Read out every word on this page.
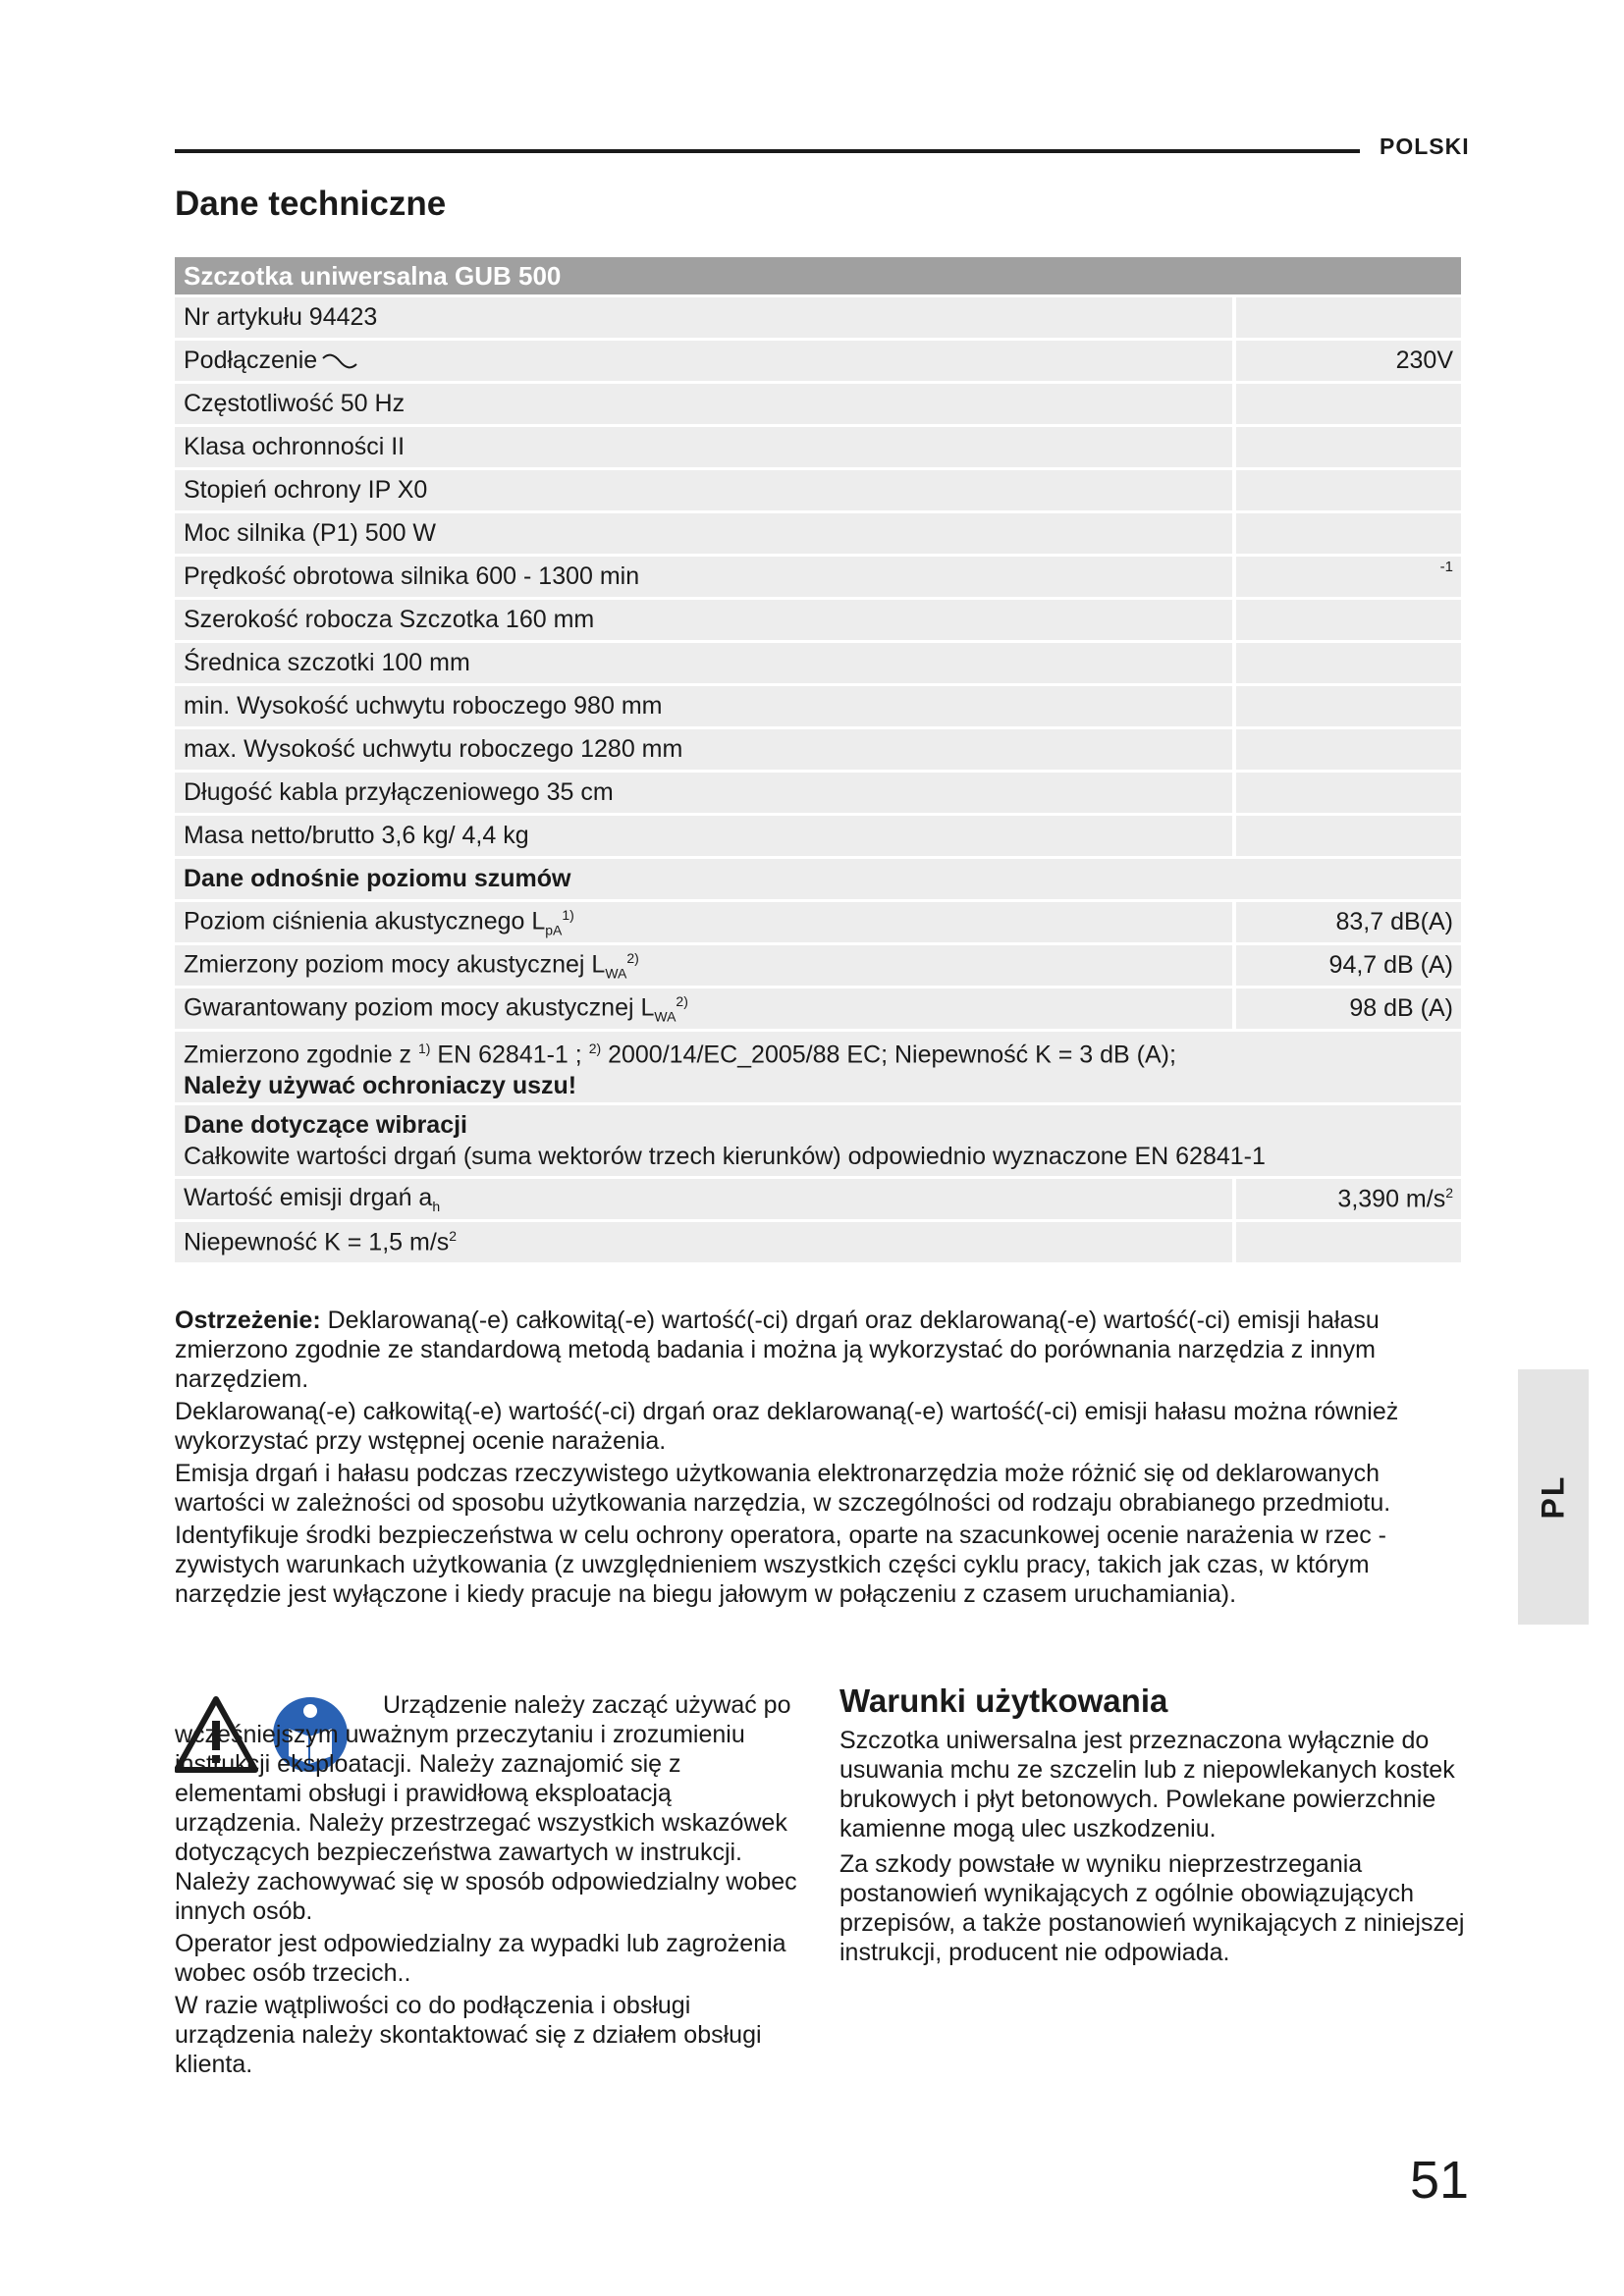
POLSKI
Dane techniczne
Szczotka uniwersalna GUB 500	
Nr artykułu 94423	
Podłączenie	230V
Częstotliwość 50 Hz	
Klasa ochronności II	
Stopień ochrony IP X0	
Moc silnika (P1) 500 W	
Prędkość obrotowa silnika 600 - 1300 min	-1
Szerokość robocza Szczotka 160 mm	
Średnica szczotki 100 mm	
min. Wysokość uchwytu roboczego 980 mm	
max. Wysokość uchwytu roboczego 1280 mm	
Długość kabla przyłączeniowego 35 cm	
Masa netto/brutto 3,6 kg/ 4,4 kg	
Dane odnośnie poziomu szumów	
Poziom ciśnienia akustycznego $L_{pA}^{1)}$	83,7 dB(A)
Zmierzony poziom mocy akustycznej $L_{WA}^{2)}$	94,7 dB (A)
Gwarantowany poziom mocy akustycznej $L_{WA}^{2)}$	98 dB (A)
Zmierzono zgodnie z $^{1)}$ EN 62841-1 ; $^{2)}$ 2000/14/EC_2005/88 EC; Niepewność K = 3 dB (A);
Należy używać ochroniaczy uszu!	
Dane dotyczące wibracji
Całkowite wartości drgań (suma wektorów trzech kierunków) odpowiednio wyznaczone EN 62841-1	
Wartość emisji drgań $a_h$	3,390 $m/s^2$
Niepewność K = 1,5 $m/s^2$	

Ostrzeżenie: Deklarowaną(-e) całkowitą(-e) wartość(-ci) drgań oraz deklarowaną(-e) wartość(-ci) emisji hałasu zmierzono zgodnie ze standardową metodą badania i można ją wykorzystać do porównania narzędzia z innym narzędziem.

Deklarowaną(-e) całkowitą(-e) wartość(-ci) drgań oraz deklarowaną(-e) wartość(-ci) emisji hałasu można również wykorzystać przy wstępnej ocenie narażenia.

Emisja drgań i hałasu podczas rzeczywistego użytkowania elektronarzędzia może różnić się od deklarowanych wartości w zależności od sposobu użytkowania narzędzia, w szczególności od rodzaju obrabianego przedmiotu.

Identyfikuje środki bezpieczeństwa w celu ochrony operatora, oparte na szacunkowej ocenie narażenia w rzec - zywistych warunkach użytkowania (z uwzględnieniem wszystkich części cyklu pracy, takich jak czas, w którym narzędzie jest wyłączone i kiedy pracuje na biegu jałowym w połączeniu z czasem uruchamiania).

PL

Urządzenie należy zacząć używać po wcześniejszym uważnym przeczytaniu i zrozumieniu instrukcji eksploatacji. Należy zaznajomić się z elementami obsługi i prawidłową eksploatacją urządzenia. Należy przestrzegać wszystkich wskazówek dotyczących bezpieczeństwa zawartych w instrukcji. Należy zachowywać się w sposób odpowiedzialny wobec innych osób.

Operator jest odpowiedzialny za wypadki lub zagrożenia wobec osób trzecich..

W razie wątpliwości co do podłączenia i obsługi urządzenia należy skontaktować się z działem obsługi klienta.

Warunki użytkowania

Szczotka uniwersalna jest przeznaczona wyłącznie do usuwania mchu ze szczelin lub z niepowlekanych kostek brukowych i płyt betonowych. Powlekane powierzchnie kamienne mogą ulec uszkodzeniu.

Za szkody powstałe w wyniku nieprzestrzegania postanowień wynikających z ogólnie obowiązujących przepisów, a także postanowień wynikających z niniejszej instrukcji, producent nie odpowiada.

51
